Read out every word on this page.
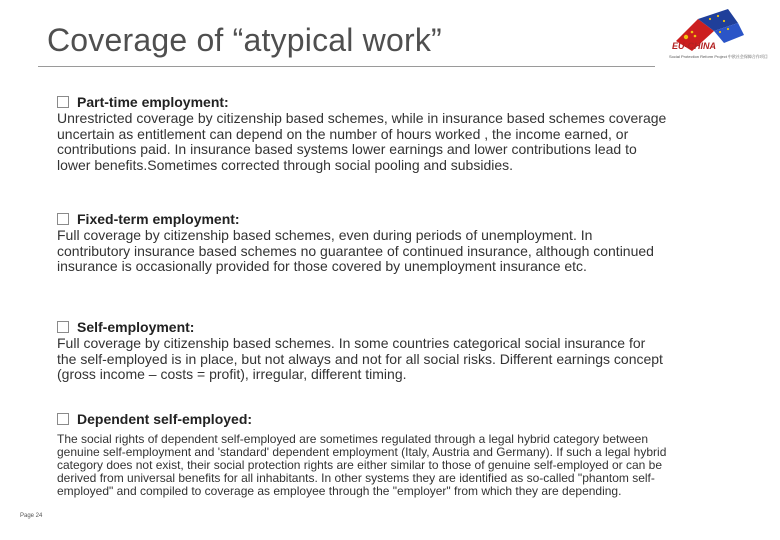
Coverage of “atypical work”	EU-CHINA
Social Protection Reform Project 中欧社会保障合作项目
Part-time employment:
Unrestricted coverage by citizenship based schemes, while in insurance based schemes coverage uncertain as entitlement can depend on the number of hours worked , the income earned, or contributions paid. In insurance based systems lower earnings and lower contributions lead to lower benefits.Sometimes corrected through social pooling and subsidies.
Fixed-term employment:
Full coverage by citizenship based schemes, even during periods of unemployment. In contributory insurance based schemes no guarantee of continued insurance, although continued insurance is occasionally provided for those covered by unemployment insurance etc.
Self-employment:
Full coverage by citizenship based schemes. In some countries categorical social insurance for the self-employed is in place, but not always and not for all social risks. Different earnings concept (gross income – costs = profit), irregular, different timing.
Dependent self-employed:
The social rights of dependent self-employed are sometimes regulated through a legal hybrid category between genuine self-employment and 'standard' dependent employment (Italy, Austria and Germany). If such a legal hybrid category does not exist, their social protection rights are either similar to those of genuine self-employed or can be derived from universal benefits for all inhabitants. In other systems they are identified as so-called "phantom self-employed" and compiled to coverage as employee through the "employer" from which they are depending.
Page 24
